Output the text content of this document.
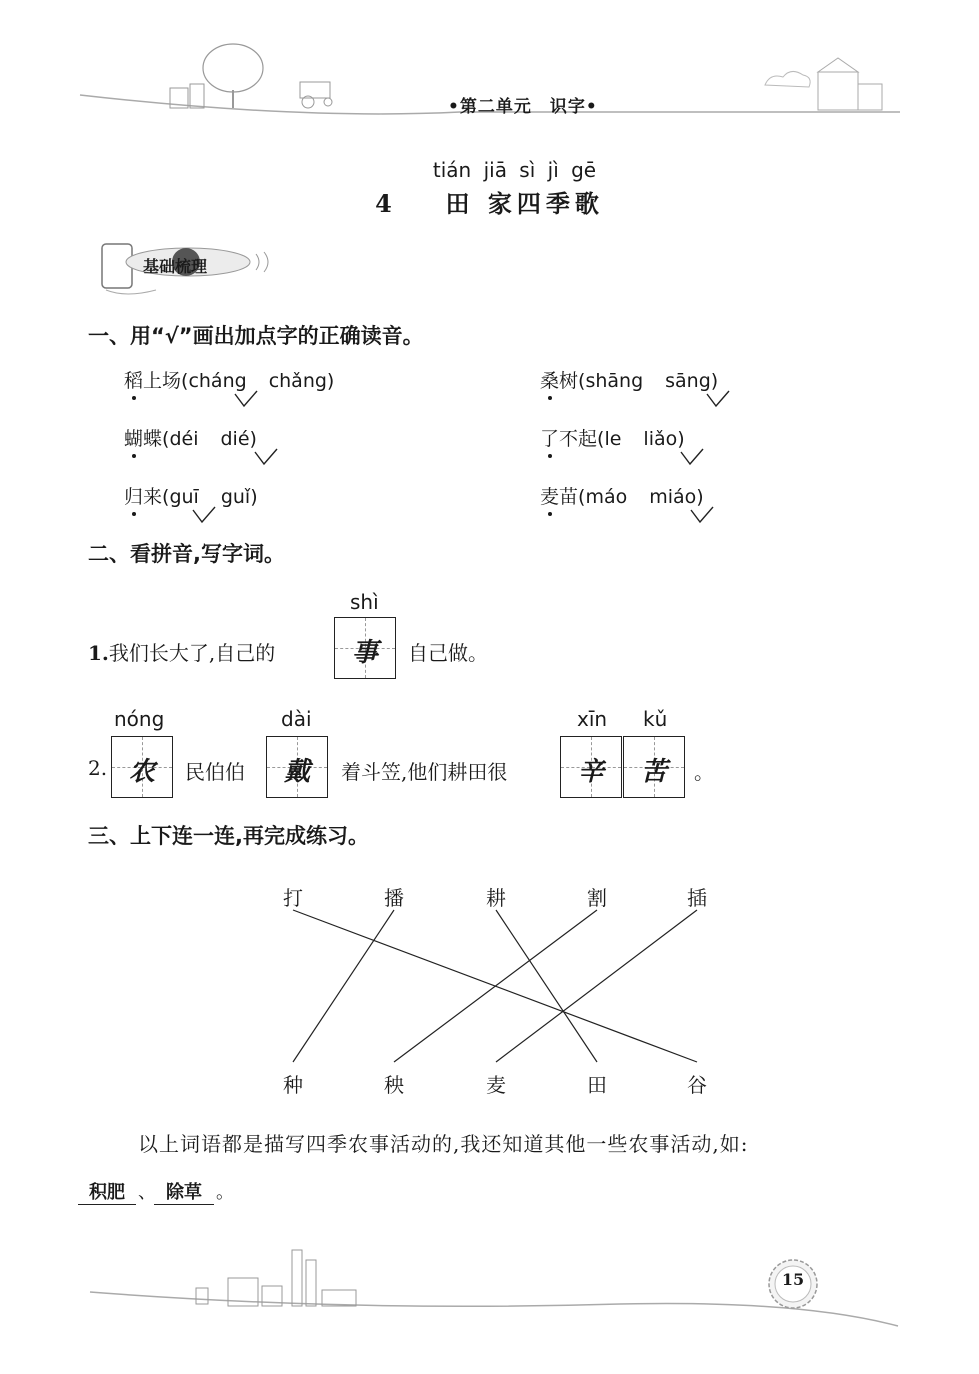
•第二单元　识字•
tián jiā sì jì gē
4 田 家四季歌
基础梳理
一、用“√”画出加点字的正确读音。
稻上场(cháng chǎng)	桑树(shāng sāng)
蝴蝶(déi dié)	了不起(le liǎo)
归来(guī guǐ)	麦苗(máo miáo)
二、看拼音,写字词。
shì
1.我们长大了,自己的	事	自己做。
nóng	dài	xīn kǔ
2. 农	民伯伯	戴	着斗笠,他们耕田很	辛	苦	。
三、上下连一连,再完成练习。
打	播	耕	割	插
种	秧	麦	田	谷
以上词语都是描写四季农事活动的,我还知道其他一些农事活动,如:
积肥 、 除草 。
15
